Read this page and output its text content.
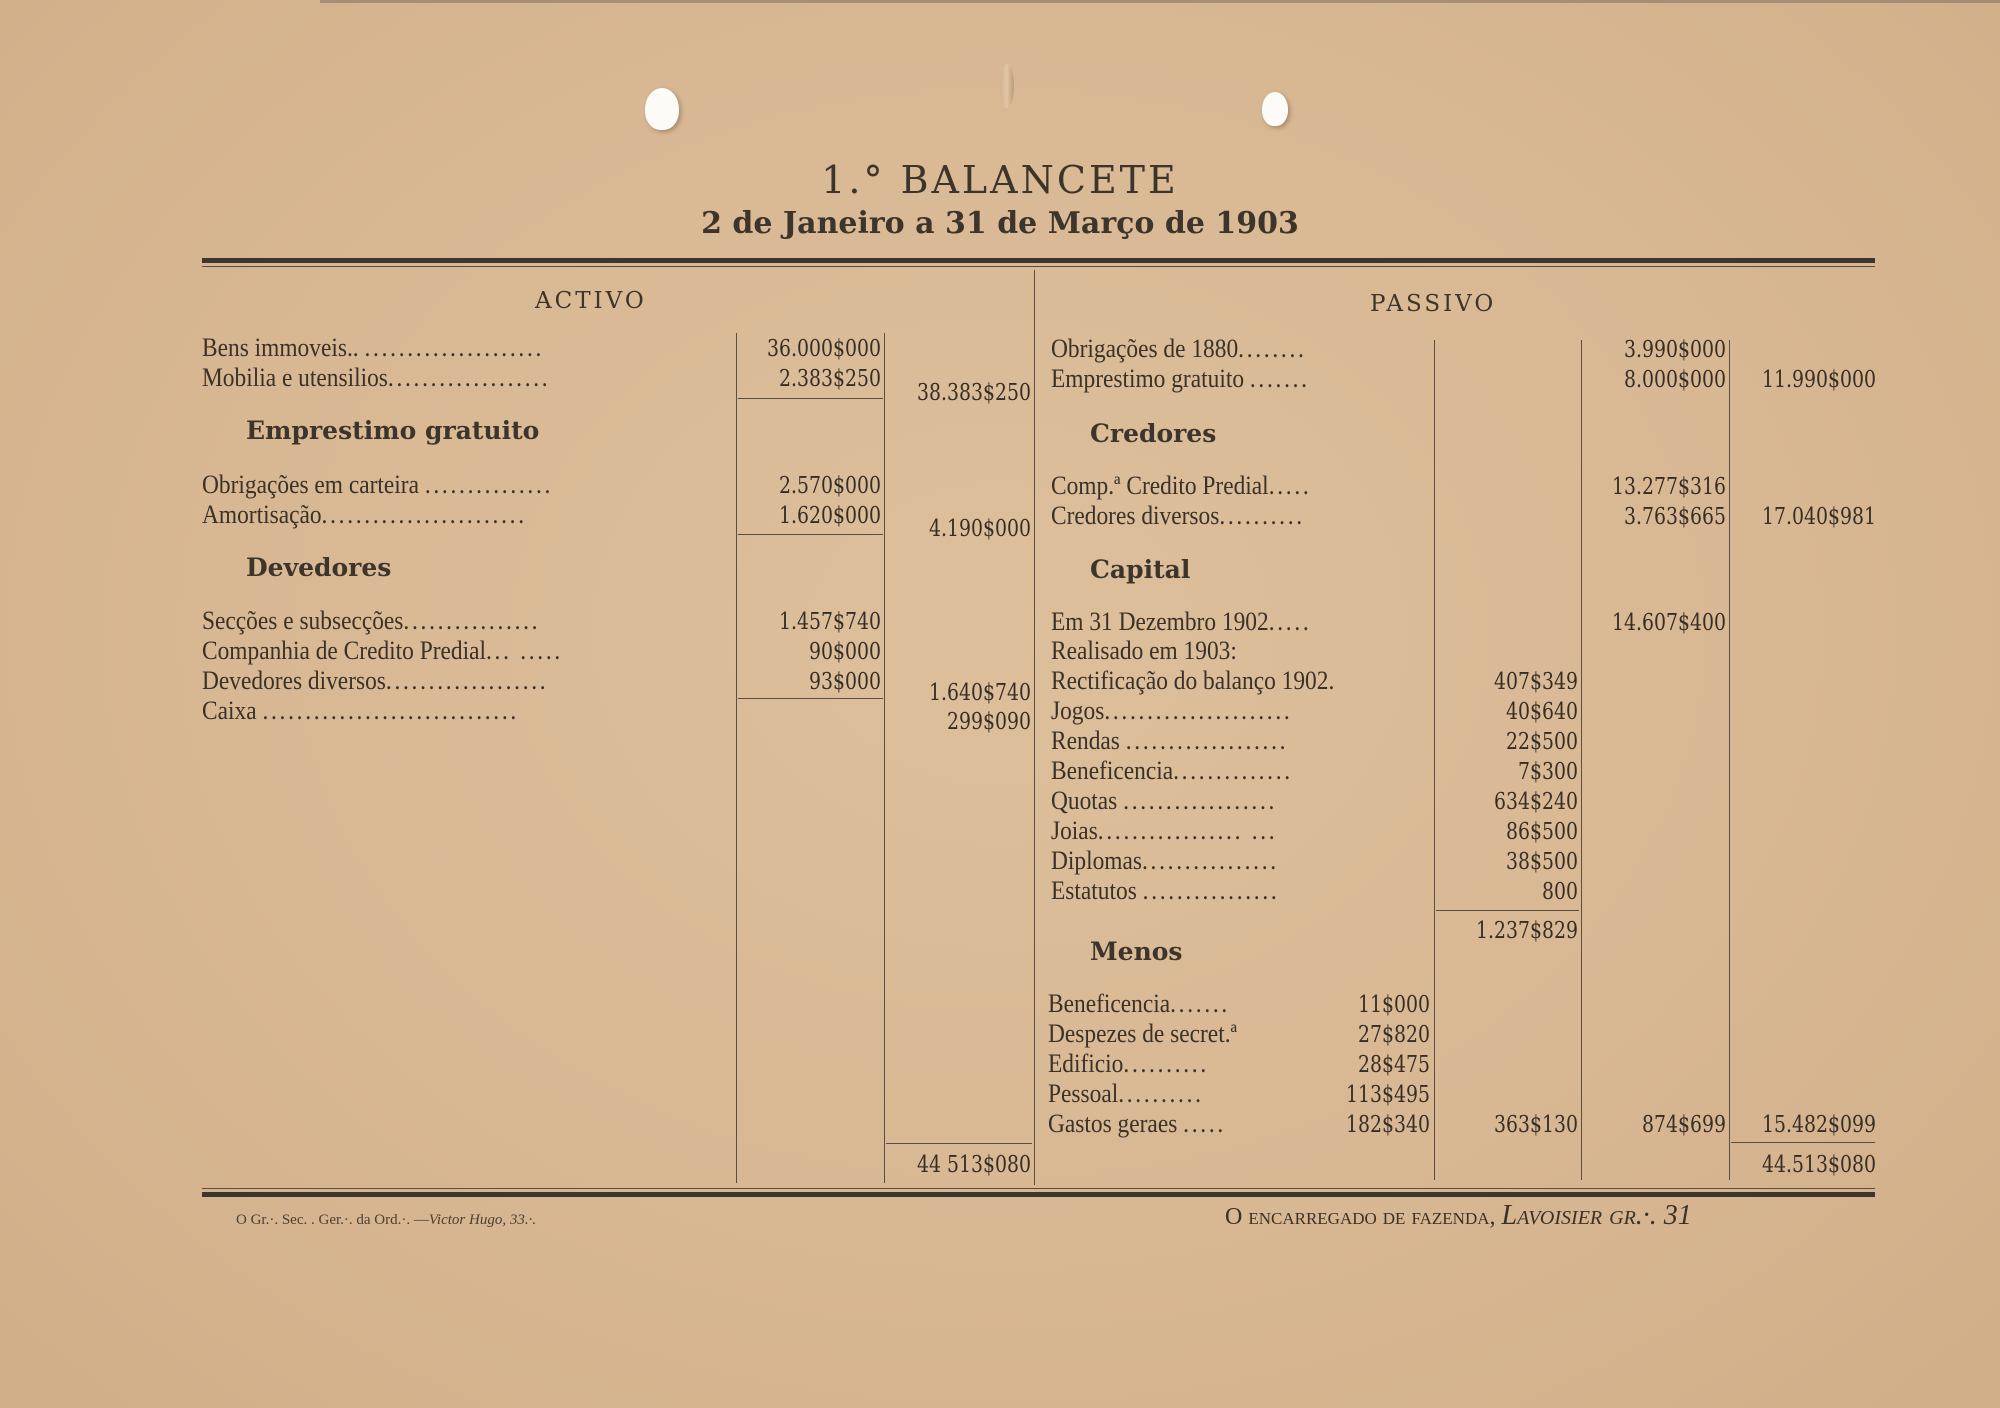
1.° BALANCETE
2 de Janeiro a 31 de Março de 1903
ACTIVO
Bens immoveis.. .....................	36.000$000
Mobilia e utensilios...................	2.383$250
38.383$250
Emprestimo gratuito
Obrigações em carteira ...............	2.570$000
Amortisação........................	1.620$000	4.190$000
Devedores
Secções e subsecções................	1.457$740
Companhia de Credito Predial... .....	90$000
Devedores diversos...................	93$000	1.640$740
Caixa ..............................	299$090
44 513$080
PASSIVO
Obrigações de 1880........	3.990$000
Emprestimo gratuito .......	8.000$000 11.990$000
Credores
Comp.ª Credito Predial.....	13.277$316
Credores diversos..........	3.763$665 17.040$981
Capital
Em 31 Dezembro 1902.....	14.607$400
Realisado em 1903:
Rectificação do balanço 1902.	407$349
Jogos......................	40$640
Rendas ...................	22$500
Beneficencia..............	7$300
Quotas ..................	634$240
Joias................. ...	86$500
Diplomas................	38$500
Estatutos ................	800
1.237$829
Menos
Beneficencia.......	11$000
Despezes de secret.ª	27$820
Edificio..........	28$475
Pessoal..........	113$495
Gastos geraes .....	182$340	363$130	874$699 15.482$099
44.513$080
O Gr.·. Sec. . Ger.·. da Ord.·. —Victor Hugo, 33.·.	O encarregado de fazenda, Lavoisier gr.·. 31
